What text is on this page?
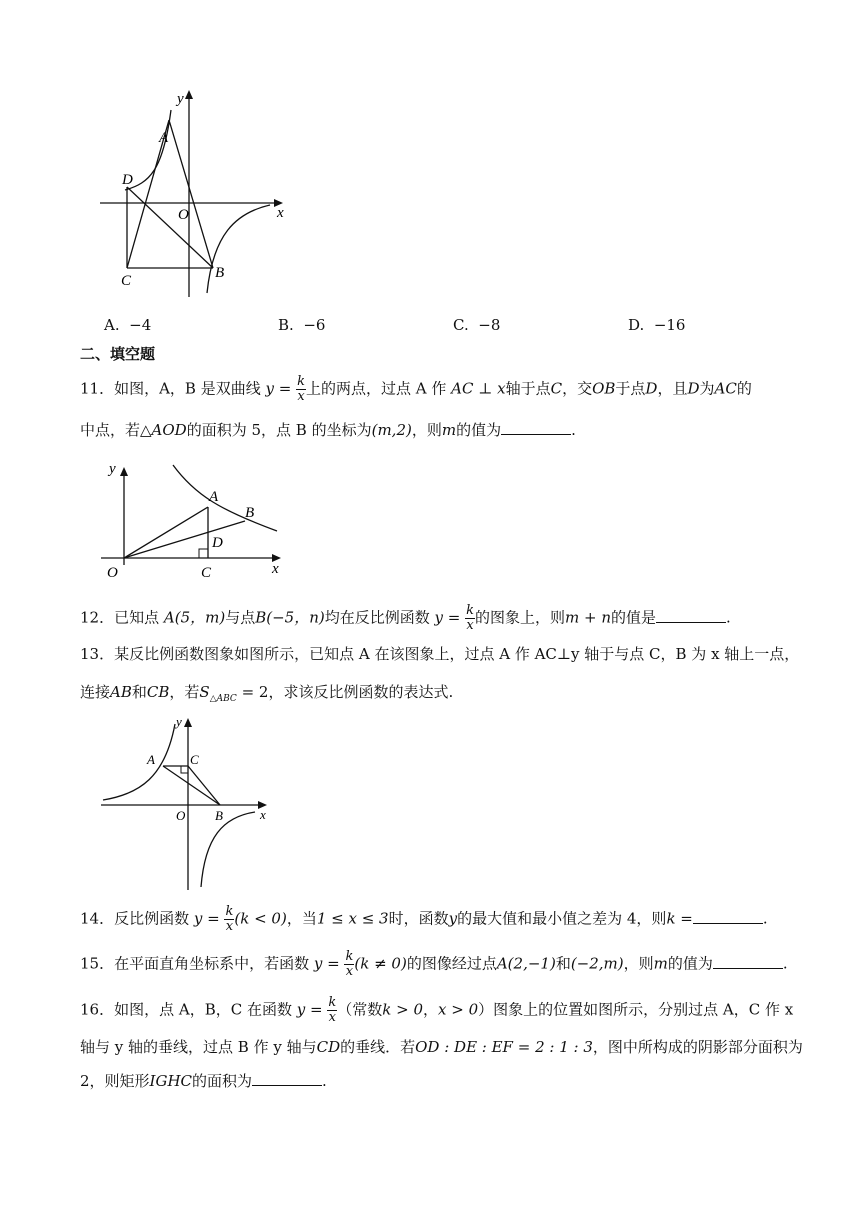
y
x
O
A
D
C	B
A. −4	B. −6	C. −8	D. −16
二、填空题
11．如图，A，B 是双曲线 $y = \frac{k}{x}$ 上的两点，过点 A 作 AC ⊥ x轴于点C，交OB于点D，且D为AC的
中点，若△AOD的面积为 5，点 B 的坐标为(m,2)，则m的值为	.
y
x
O
A
B
D
C
12．已知点 A(5，m)与点B(−5，n)均在反比例函数 $y = \frac{k}{x}$ 的图象上，则m + n的值是	.
13．某反比例函数图象如图所示，已知点 A 在该图象上，过点 A 作 AC⊥y 轴于与点 C，B 为 x 轴上一点，
连接AB和CB，若$S_{\triangle ABC} = 2$，求该反比例函数的表达式.
y
x
O
A	C
B
14．反比例函数 $y = \frac{k}{x} (k < 0)$，当1 ≤ x ≤ 3时，函数y的最大值和最小值之差为 4，则k =	.
15．在平面直角坐标系中，若函数 $y = \frac{k}{x} (k \ne 0)$的图像经过点A(2,−1)和(−2,m)，则m的值为	.
16．如图，点 A，B，C 在函数 $y = \frac{k}{x}$ （常数k > 0，x > 0）图象上的位置如图所示，分别过点 A，C 作 x
轴与 y 轴的垂线，过点 B 作 y 轴与CD的垂线．若OD : DE : EF = 2 : 1 : 3，图中所构成的阴影部分面积为
2，则矩形IGHC的面积为	.
